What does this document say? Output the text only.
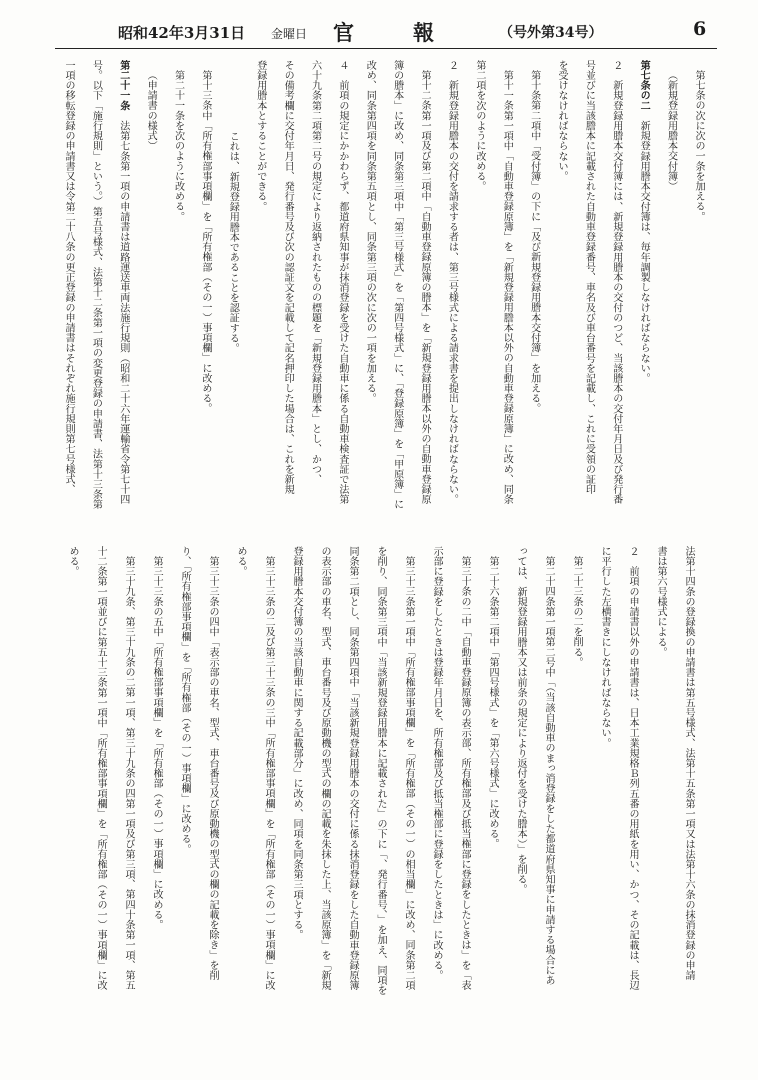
昭和42年3月31日 金曜日 官	報	（号外第34号）	6
第七条の次に次の一条を加える。
（新規登録用謄本交付簿）
第七条の二　新規登録用謄本交付簿は、毎年調製しなければならない。
２　新規登録用謄本交付簿には、新規登録用謄本の交付のつど、当該謄本の交付年月日及び発行番
号並びに当該謄本に記載された自動車登録番号、車名及び車台番号を記載し、これに受領の証印
を受けなければならない。
第十条第二項中「受付簿」の下に「及び新規登録用謄本交付簿」を加える。
第十一条第一項中「自動車登録原簿」を「新規登録用謄本以外の自動車登録原簿」に改め、同条
第二項を次のように改める。
２　新規登録用謄本の交付を請求する者は、第三号様式による請求書を提出しなければならない。
第十二条第一項及び第二項中「自動車登録原簿の謄本」を「新規登録用謄本以外の自動車登録原
簿の謄本」に改め、同条第三項中「第三号様式」を「第四号様式」に、「登録原簿」を「甲原簿」に
改め、同条第四項を同条第五項とし、同条第三項の次に次の一項を加える。
４　前項の規定にかかわらず、都道府県知事が抹消登録を受けた自動車に係る自動車検査証で法第
六十九条第二項第二号の規定により返納されたものの標題を「新規登録用謄本」とし、かつ、
その備考欄に交付年月日、発行番号及び次の認証文を記載して記名押印した場合は、これを新規
登録用謄本とすることができる。
これは、新規登録用謄本であることを認証する。
第十三条中「所有権部事項欄」を「所有権部（その一）事項欄」に改める。
第二十一条を次のように改める。
（申請書の様式）
第二十一条　法第七条第一項の申請書は道路運送車両法施行規則（昭和二十六年運輸省令第七十四
号。以下「施行規則」という。）第五号様式、法第十二条第一項の変更登録の申請書、法第十三条第
一項の移転登録の申請書又は令第二十八条の更正登録の申請書はそれぞれ施行規則第七号様式、
法第十四条の登録換の申請書は第五号様式、法第十五条第一項又は法第十六条の抹消登録の申請
書は第六号様式による。
２　前項の申請書以外の申請書は、日本工業規格Ｂ列五番の用紙を用い、かつ、その記載は、長辺
に平行した左横書きにしなければならない。
第二十三条の二を削る。
第二十四条第一項第二号中「（当該自動車のまっ消登録をした都道府県知事に申請する場合にあ
っては、新規登録用謄本又は前条の規定により返付を受けた謄本）」を削る。
第二十六条第二項中「第四号様式」を「第六号様式」に改める。
第三十条の二中「自動車登録原簿の表示部、所有権部及び抵当権部に登録をしたときは」を「表
示部に登録をしたときは登録年月日を、所有権部及び抵当権部に登録をしたときは」に改める。
第三十三条第一項中「所有権部事項欄」を「所有権部（その一）の相当欄」に改め、同条第二項
を削り、同条第三項中「当該新規登録用謄本に記載された」の下に「、発行番号、」を加え、同項を
同条第二項とし、同条第四項中「当該新規登録用謄本の交付に係る抹消登録をした自動車登録原簿
の表示部の車名、型式、車台番号及び原動機の型式の欄の記載を朱抹した上、当該原簿」を「新規
登録用謄本交付簿の当該自動車に関する記載部分」に改め、同項を同条第三項とする。
第三十三条の二及び第三十三条の三中「所有権部事項欄」を「所有権部（その一）事項欄」に改
める。
第三十三条の四中「表示部の車名、型式、車台番号及び原動機の型式の欄の記載を除き」を削
り、「所有権部事項欄」を「所有権部（その一）事項欄」に改める。
第三十三条の五中「所有権部事項欄」を「所有権部（その一）事項欄」に改める。
第三十九条、第三十九条の二第一項、第三十九条の四第一項及び第三項、第四十条第一項、第五
十二条第一項並びに第五十三条第一項中「所有権部事項欄」を「所有権部（その一）事項欄」に改
める。
